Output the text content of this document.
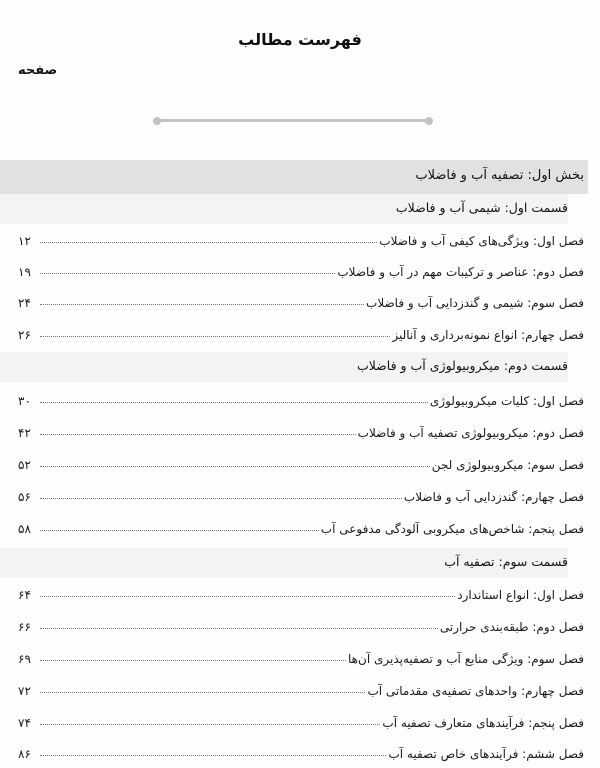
فهرست مطالب
صفحه
بخش اول: تصفیه آب و فاضلاب
قسمت اول: شیمی آب و فاضلاب
فصل اول: ویژگی‌های کیفی آب و فاضلاب
۱۲
فصل دوم: عناصر و ترکیبات مهم در آب و فاضلاب
۱۹
فصل سوم: شیمی و گندزدایی آب و فاضلاب
۲۴
فصل چهارم: انواع نمونه‌برداری و آنالیز
۲۶
قسمت دوم: میکروبیولوژی آب و فاضلاب
فصل اول: کلیات میکروبیولوژی
۳۰
فصل دوم: میکروبیولوژی تصفیه آب و فاضلاب
۴۲
فصل سوم: میکروبیولوژی لجن
۵۲
فصل چهارم: گندزدایی آب و فاضلاب
۵۶
فصل پنجم: شاخص‌های میکروبی آلودگی مدفوعی آب
۵۸
قسمت سوم: تصفیه آب
فصل اول: انواع استاندارد
۶۴
فصل دوم: طبقه‌بندی حرارتی
۶۶
فصل سوم: ویژگی منابع آب و تصفیه‌پذیری آن‌ها
۶۹
فصل چهارم: واحدهای تصفیه‌ی مقدماتی آب
۷۲
فصل پنجم: فرآیندهای متعارف تصفیه آب
۷۴
فصل ششم: فرآیندهای خاص تصفیه آب
۸۶
